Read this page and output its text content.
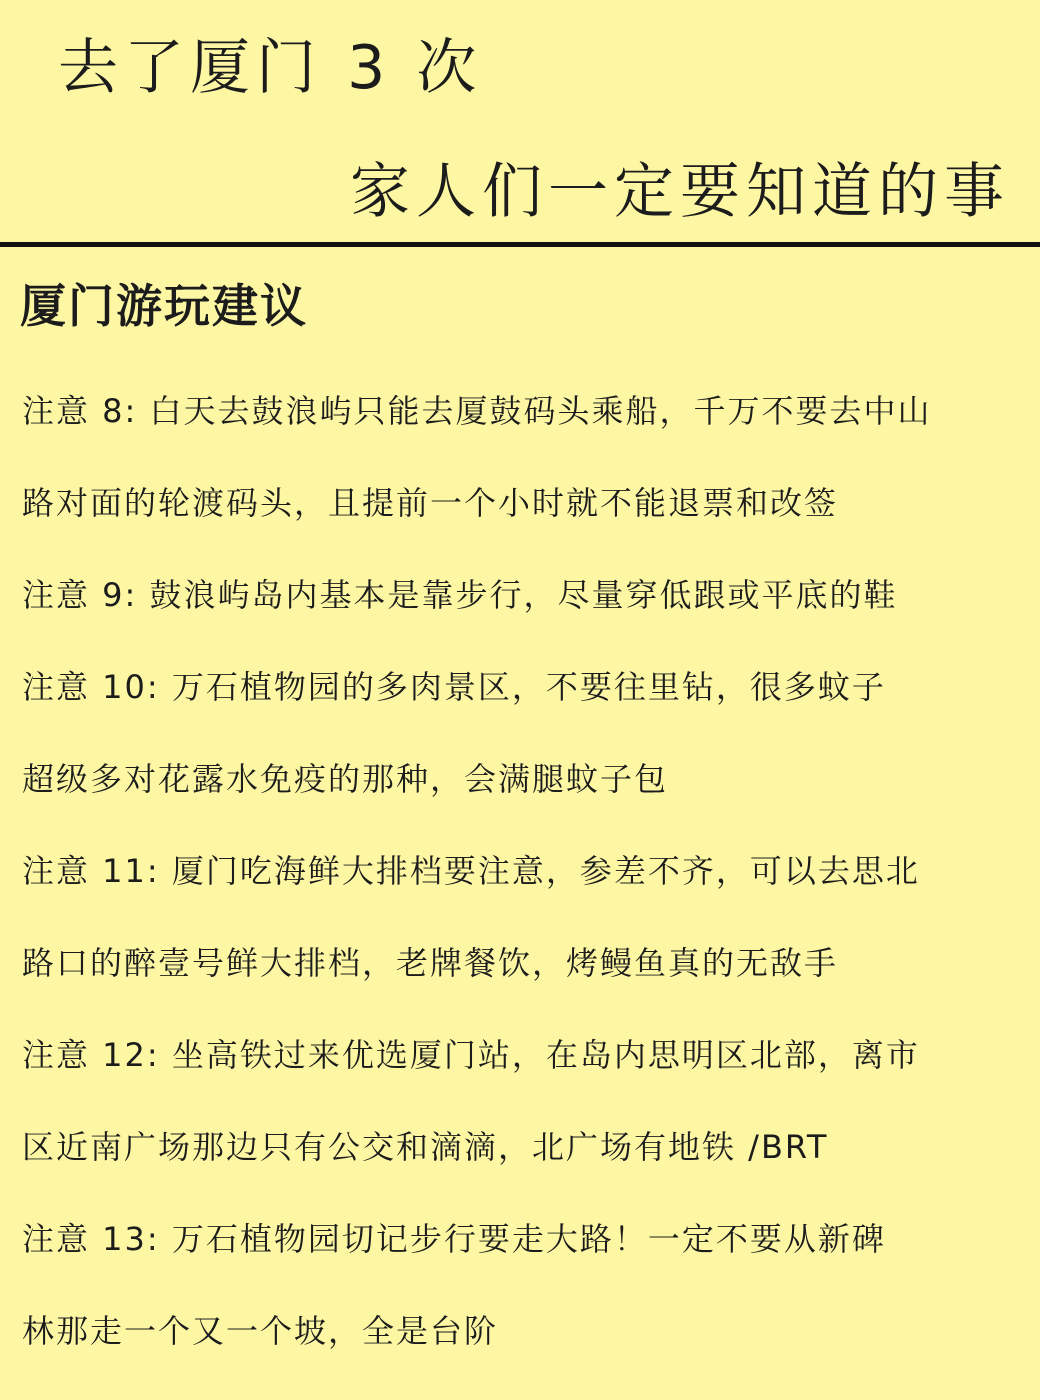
去了厦门 3 次
家人们一定要知道的事
厦门游玩建议
注意 8: 白天去鼓浪屿只能去厦鼓码头乘船，千万不要去中山
路对面的轮渡码头，且提前一个小时就不能退票和改签
注意 9: 鼓浪屿岛内基本是靠步行，尽量穿低跟或平底的鞋
注意 10: 万石植物园的多肉景区，不要往里钻，很多蚊子
超级多对花露水免疫的那种，会满腿蚊子包
注意 11: 厦门吃海鲜大排档要注意，参差不齐，可以去思北
路口的醉壹号鲜大排档，老牌餐饮，烤鳗鱼真的无敌手
注意 12: 坐高铁过来优选厦门站，在岛内思明区北部，离市
区近南广场那边只有公交和滴滴，北广场有地铁 /BRT
注意 13: 万石植物园切记步行要走大路！一定不要从新碑
林那走一个又一个坡，全是台阶
